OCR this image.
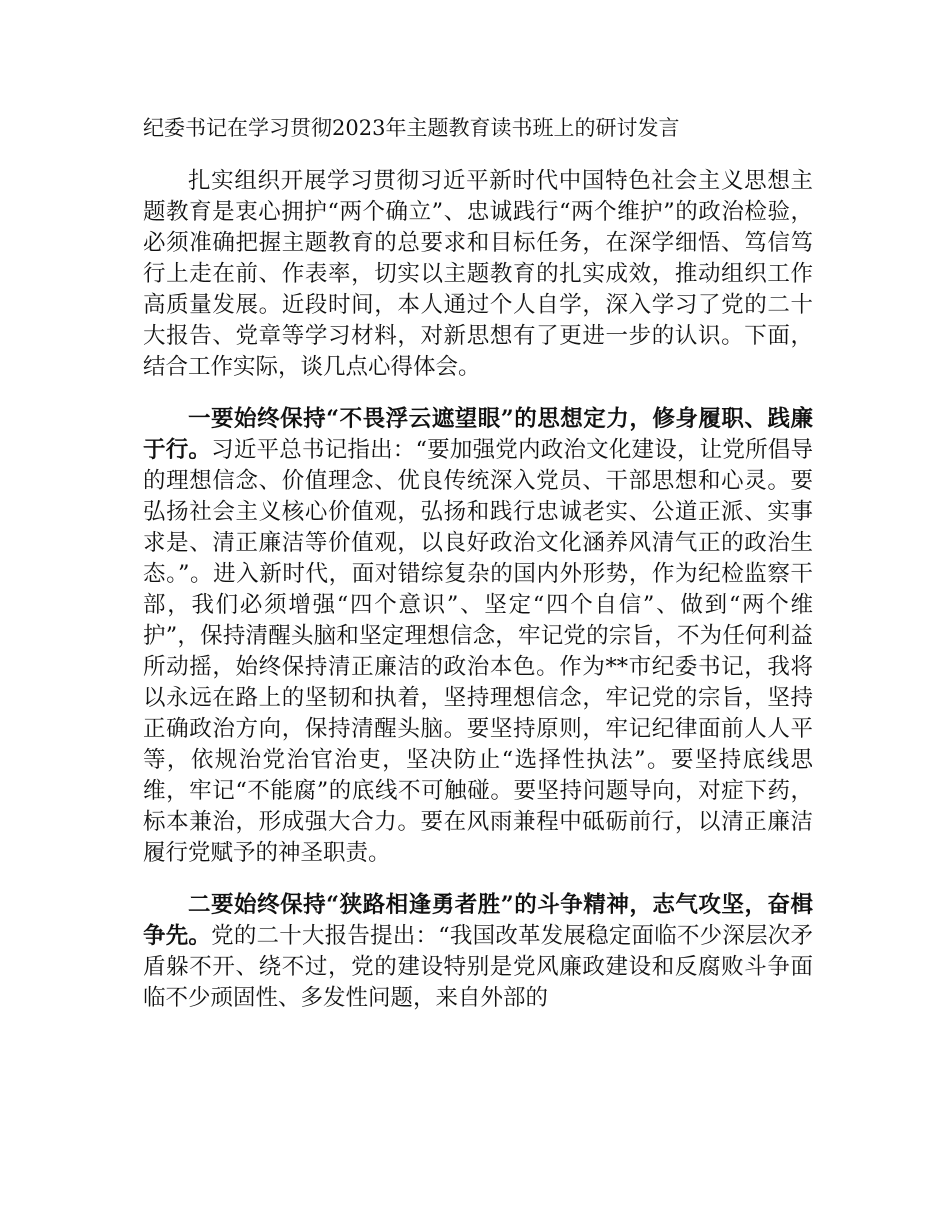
纪委书记在学习贯彻2023年主题教育读书班上的研讨发言

扎实组织开展学习贯彻习近平新时代中国特色社会主义思想主题教育是衷心拥护“两个确立”、忠诚践行“两个维护”的政治检验，必须准确把握主题教育的总要求和目标任务，在深学细悟、笃信笃行上走在前、作表率，切实以主题教育的扎实成效，推动组织工作高质量发展。近段时间，本人通过个人自学，深入学习了党的二十大报告、党章等学习材料，对新思想有了更进一步的认识。下面，结合工作实际，谈几点心得体会。

一要始终保持“不畏浮云遮望眼”的思想定力，修身履职、践廉于行。习近平总书记指出：“要加强党内政治文化建设，让党所倡导的理想信念、价值理念、优良传统深入党员、干部思想和心灵。要弘扬社会主义核心价值观，弘扬和践行忠诚老实、公道正派、实事求是、清正廉洁等价值观，以良好政治文化涵养风清气正的政治生态。”。进入新时代，面对错综复杂的国内外形势，作为纪检监察干部，我们必须增强“四个意识”、坚定“四个自信”、做到“两个维护”，保持清醒头脑和坚定理想信念，牢记党的宗旨，不为任何利益所动摇，始终保持清正廉洁的政治本色。作为**市纪委书记，我将以永远在路上的坚韧和执着，坚持理想信念，牢记党的宗旨，坚持正确政治方向，保持清醒头脑。要坚持原则，牢记纪律面前人人平等，依规治党治官治吏，坚决防止“选择性执法”。要坚持底线思维，牢记“不能腐”的底线不可触碰。要坚持问题导向，对症下药，标本兼治，形成强大合力。要在风雨兼程中砥砺前行，以清正廉洁履行党赋予的神圣职责。

二要始终保持“狭路相逢勇者胜”的斗争精神，志气攻坚，奋楫争先。党的二十大报告提出：“我国改革发展稳定面临不少深层次矛盾躲不开、绕不过，党的建设特别是党风廉政建设和反腐败斗争面临不少顽固性、多发性问题，来自外部的
